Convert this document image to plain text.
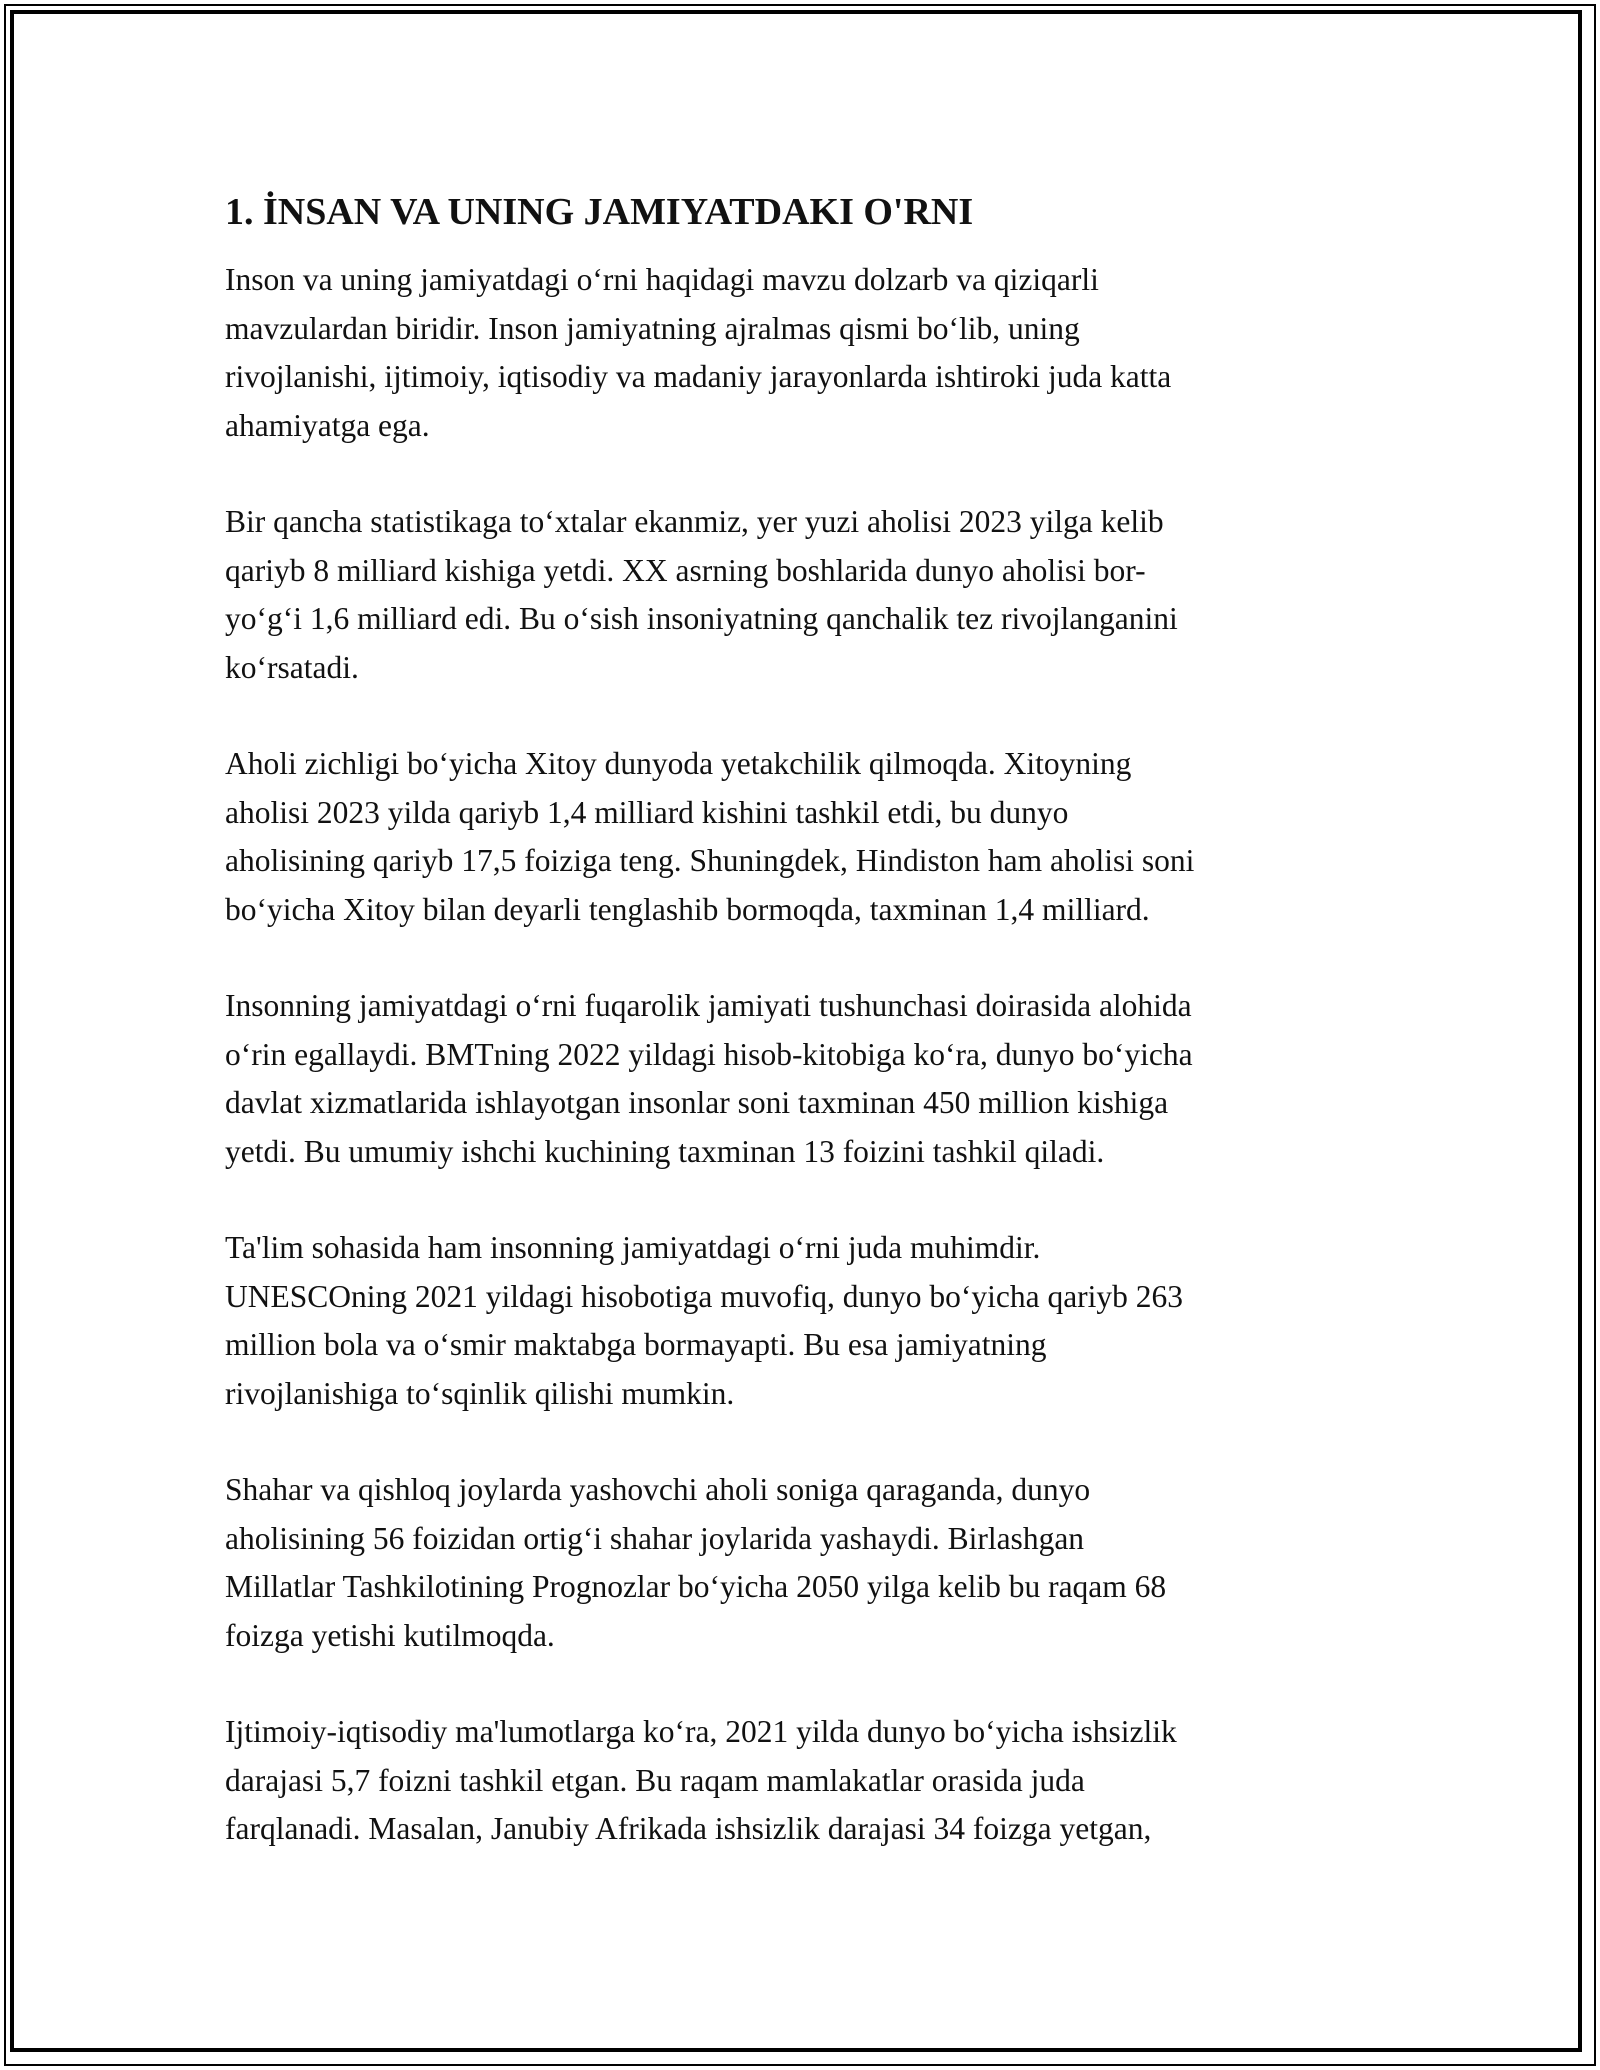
1. İNSAN VA UNING JAMIYATDAKI O'RNI

Inson va uning jamiyatdagi o‘rni haqidagi mavzu dolzarb va qiziqarli
mavzulardan biridir. Inson jamiyatning ajralmas qismi bo‘lib, uning
rivojlanishi, ijtimoiy, iqtisodiy va madaniy jarayonlarda ishtiroki juda katta
ahamiyatga ega.

Bir qancha statistikaga to‘xtalar ekanmiz, yer yuzi aholisi 2023 yilga kelib
qariyb 8 milliard kishiga yetdi. XX asrning boshlarida dunyo aholisi bor-
yo‘g‘i 1,6 milliard edi. Bu o‘sish insoniyatning qanchalik tez rivojlanganini
ko‘rsatadi.

Aholi zichligi bo‘yicha Xitoy dunyoda yetakchilik qilmoqda. Xitoyning
aholisi 2023 yilda qariyb 1,4 milliard kishini tashkil etdi, bu dunyo
aholisining qariyb 17,5 foiziga teng. Shuningdek, Hindiston ham aholisi soni
bo‘yicha Xitoy bilan deyarli tenglashib bormoqda, taxminan 1,4 milliard.

Insonning jamiyatdagi o‘rni fuqarolik jamiyati tushunchasi doirasida alohida
o‘rin egallaydi. BMTning 2022 yildagi hisob-kitobiga ko‘ra, dunyo bo‘yicha
davlat xizmatlarida ishlayotgan insonlar soni taxminan 450 million kishiga
yetdi. Bu umumiy ishchi kuchining taxminan 13 foizini tashkil qiladi.

Ta'lim sohasida ham insonning jamiyatdagi o‘rni juda muhimdir.
UNESCOning 2021 yildagi hisobotiga muvofiq, dunyo bo‘yicha qariyb 263
million bola va o‘smir maktabga bormayapti. Bu esa jamiyatning
rivojlanishiga to‘sqinlik qilishi mumkin.

Shahar va qishloq joylarda yashovchi aholi soniga qaraganda, dunyo
aholisining 56 foizidan ortig‘i shahar joylarida yashaydi. Birlashgan
Millatlar Tashkilotining Prognozlar bo‘yicha 2050 yilga kelib bu raqam 68
foizga yetishi kutilmoqda.

Ijtimoiy-iqtisodiy ma'lumotlarga ko‘ra, 2021 yilda dunyo bo‘yicha ishsizlik
darajasi 5,7 foizni tashkil etgan. Bu raqam mamlakatlar orasida juda
farqlanadi. Masalan, Janubiy Afrikada ishsizlik darajasi 34 foizga yetgan,
